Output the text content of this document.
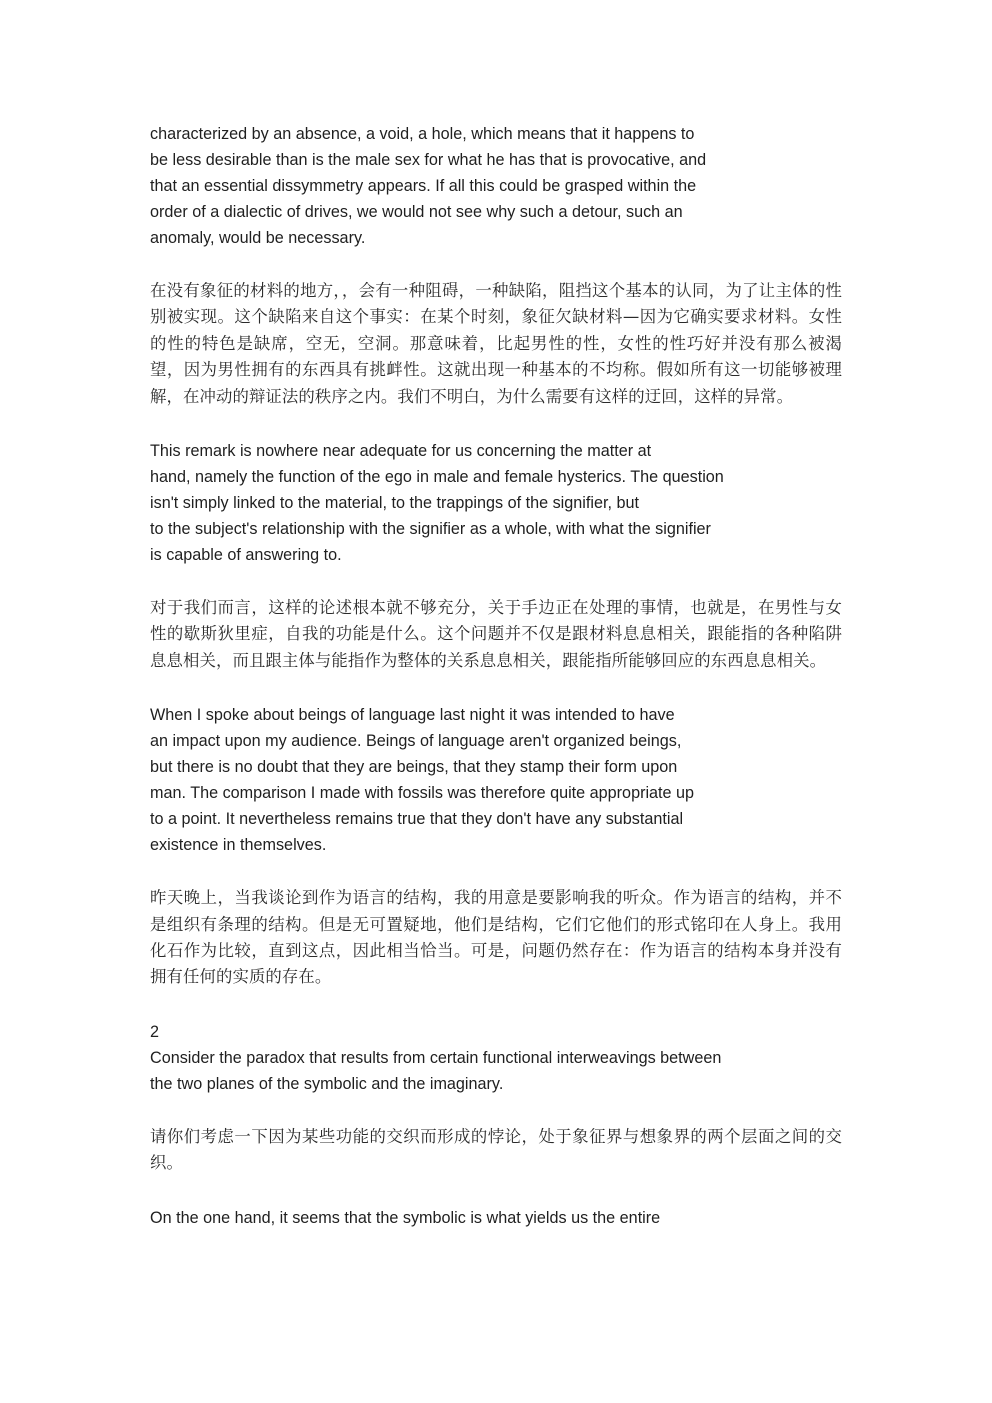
characterized by an absence, a void, a hole, which means that it happens to
be less desirable than is the male sex for what he has that is provocative, and
that an essential dissymmetry appears. If all this could be grasped within the
order of a dialectic of drives, we would not see why such a detour, such an
anomaly, would be necessary.

在没有象征的材料的地方，，会有一种阻碍，一种缺陷，阻挡这个基本的认同，为了让主体的性别被实现。这个缺陷来自这个事实：在某个时刻，象征欠缺材料—因为它确实要求材料。女性的性的特色是缺席，空无，空洞。那意味着，比起男性的性，女性的性巧好并没有那么被渴望，因为男性拥有的东西具有挑衅性。这就出现一种基本的不均称。假如所有这一切能够被理解，在冲动的辩证法的秩序之内。我们不明白，为什么需要有这样的迂回，这样的异常。

This remark is nowhere near adequate for us concerning the matter at
hand, namely the function of the ego in male and female hysterics. The question
isn't simply linked to the material, to the trappings of the signifier, but
to the subject's relationship with the signifier as a whole, with what the signifier
is capable of answering to.

对于我们而言，这样的论述根本就不够充分，关于手边正在处理的事情，也就是，在男性与女性的歇斯狄里症，自我的功能是什么。这个问题并不仅是跟材料息息相关，跟能指的各种陷阱息息相关，而且跟主体与能指作为整体的关系息息相关，跟能指所能够回应的东西息息相关。

When I spoke about beings of language last night it was intended to have
an impact upon my audience. Beings of language aren't organized beings,
but there is no doubt that they are beings, that they stamp their form upon
man. The comparison I made with fossils was therefore quite appropriate up
to a point. It nevertheless remains true that they don't have any substantial
existence in themselves.

昨天晚上，当我谈论到作为语言的结构，我的用意是要影响我的听众。作为语言的结构，并不是组织有条理的结构。但是无可置疑地，他们是结构，它们它他们的形式铭印在人身上。我用化石作为比较，直到这点，因此相当恰当。可是，问题仍然存在：作为语言的结构本身并没有拥有任何的实质的存在。

2
Consider the paradox that results from certain functional interweavings between
the two planes of the symbolic and the imaginary.

请你们考虑一下因为某些功能的交织而形成的悖论，处于象征界与想象界的两个层面之间的交织。

On the one hand, it seems that the symbolic is what yields us the entire
